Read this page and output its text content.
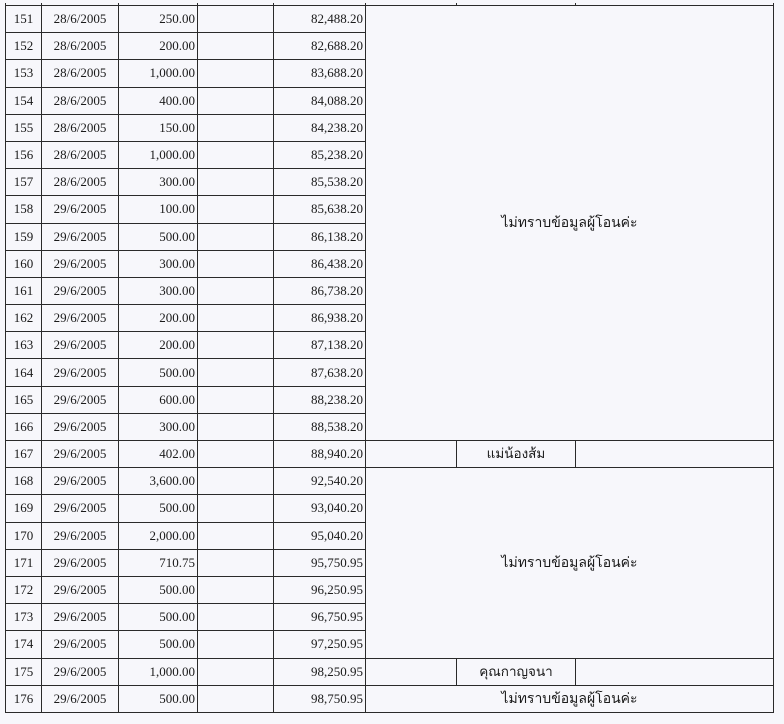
151	28/6/2005	250.00		82,488.20	ไม่ทราบข้อมูลผู้โอนค่ะ
152	28/6/2005	200.00		82,688.20	
153	28/6/2005	1,000.00		83,688.20	
154	28/6/2005	400.00		84,088.20	
155	28/6/2005	150.00		84,238.20	
156	28/6/2005	1,000.00		85,238.20	
157	28/6/2005	300.00		85,538.20	
158	29/6/2005	100.00		85,638.20	
159	29/6/2005	500.00		86,138.20	
160	29/6/2005	300.00		86,438.20	
161	29/6/2005	300.00		86,738.20	
162	29/6/2005	200.00		86,938.20	
163	29/6/2005	200.00		87,138.20	
164	29/6/2005	500.00		87,638.20	
165	29/6/2005	600.00		88,238.20	
166	29/6/2005	300.00		88,538.20	
167	29/6/2005	402.00		88,940.20	แม่น้องส้ม

168	29/6/2005	3,600.00		92,540.20	ไม่ทราบข้อมูลผู้โอนค่ะ
169	29/6/2005	500.00		93,040.20	
170	29/6/2005	2,000.00		95,040.20	
171	29/6/2005	710.75		95,750.95	
172	29/6/2005	500.00		96,250.95	
173	29/6/2005	500.00		96,750.95	
174	29/6/2005	500.00		97,250.95	
175	29/6/2005	1,000.00		98,250.95	คุณกาญจนา

176	29/6/2005	500.00		98,750.95	ไม่ทราบข้อมูลผู้โอนค่ะ
